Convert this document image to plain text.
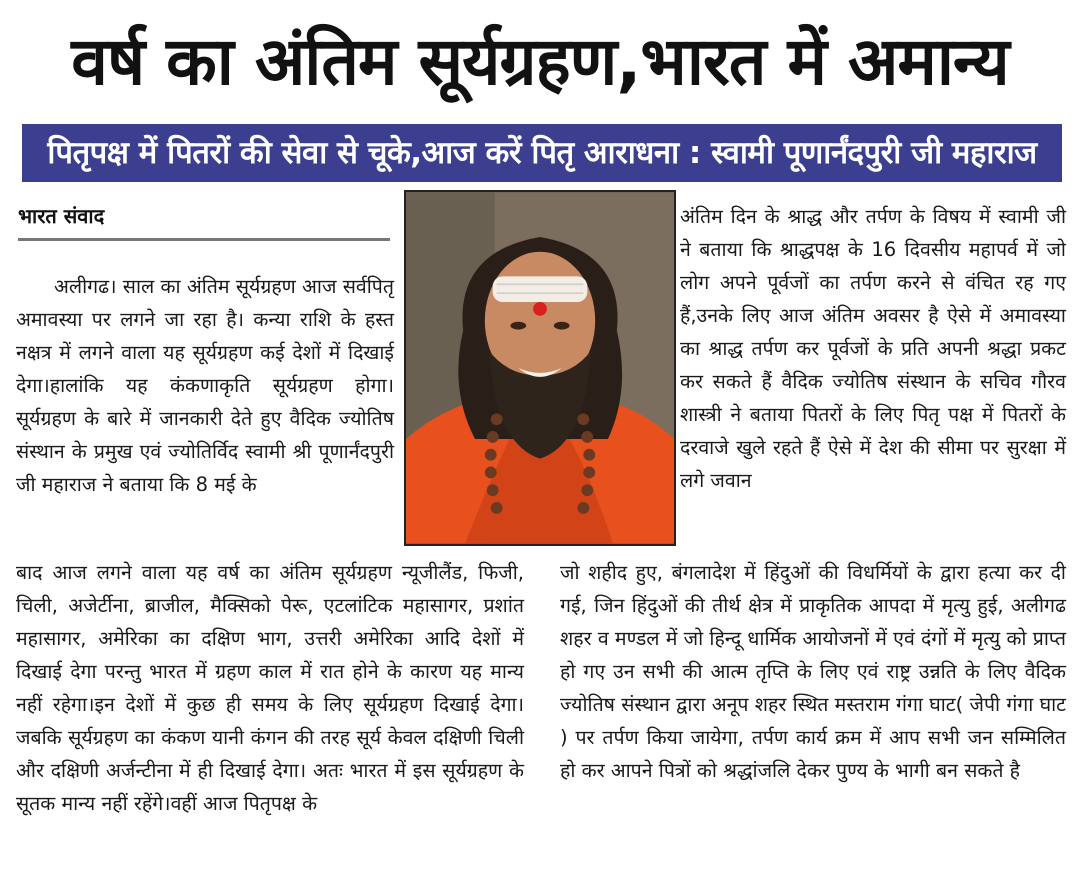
वर्ष का अंतिम सूर्यग्रहण,भारत में अमान्य
पितृपक्ष में पितरों की सेवा से चूके,आज करें पितृ आराधना : स्वामी पूणार्नंदपुरी जी महाराज
भारत संवाद
अलीगढ। साल का अंतिम सूर्यग्रहण आज सर्वपितृ अमावस्या पर लगने जा रहा है। कन्या राशि के हस्त नक्षत्र में लगने वाला यह सूर्यग्रहण कई देशों में दिखाई देगा।हालांकि यह कंकणाकृति सूर्यग्रहण होगा। सूर्यग्रहण के बारे में जानकारी देते हुए वैदिक ज्योतिष संस्थान के प्रमुख एवं ज्योतिर्विद स्वामी श्री पूणार्नंदपुरी जी महाराज ने बताया कि 8 मई के
अंतिम दिन के श्राद्ध और तर्पण के विषय में स्वामी जी ने बताया कि श्राद्धपक्ष के 16 दिवसीय महापर्व में जो लोग अपने पूर्वजों का तर्पण करने से वंचित रह गए हैं,उनके लिए आज अंतिम अवसर है ऐसे में अमावस्या का श्राद्ध तर्पण कर पूर्वजों के प्रति अपनी श्रद्धा प्रकट कर सकते हैं वैदिक ज्योतिष संस्थान के सचिव गौरव शास्त्री ने बताया पितरों के लिए पितृ पक्ष में पितरों के दरवाजे खुले रहते हैं ऐसे में देश की सीमा पर सुरक्षा में लगे जवान
बाद आज लगने वाला यह वर्ष का अंतिम सूर्यग्रहण न्यूजीलैंड, फिजी, चिली, अजेर्टीना, ब्राजील, मैक्सिको पेरू, एटलांटिक महासागर, प्रशांत महासागर, अमेरिका का दक्षिण भाग, उत्तरी अमेरिका आदि देशों में दिखाई देगा परन्तु भारत में ग्रहण काल में रात होने के कारण यह मान्य नहीं रहेगा।इन देशों में कुछ ही समय के लिए सूर्यग्रहण दिखाई देगा। जबकि सूर्यग्रहण का कंकण यानी कंगन की तरह सूर्य केवल दक्षिणी चिली और दक्षिणी अर्जन्टीना में ही दिखाई देगा। अतः भारत में इस सूर्यग्रहण के सूतक मान्य नहीं रहेंगे।वहीं आज पितृपक्ष के
जो शहीद हुए, बंगलादेश में हिंदुओं की विधर्मियों के द्वारा हत्या कर दी गई, जिन हिंदुओं की तीर्थ क्षेत्र में प्राकृतिक आपदा में मृत्यु हुई, अलीगढ शहर व मण्डल में जो हिन्दू धार्मिक आयोजनों में एवं दंगों में मृत्यु को प्राप्त हो गए उन सभी की आत्म तृप्ति के लिए एवं राष्ट्र उन्नति के लिए वैदिक ज्योतिष संस्थान द्वारा अनूप शहर स्थित मस्तराम गंगा घाट( जेपी गंगा घाट ) पर तर्पण किया जायेगा, तर्पण कार्य क्रम में आप सभी जन सम्मिलित हो कर आपने पित्रों को श्रद्धांजलि देकर पुण्य के भागी बन सकते है
